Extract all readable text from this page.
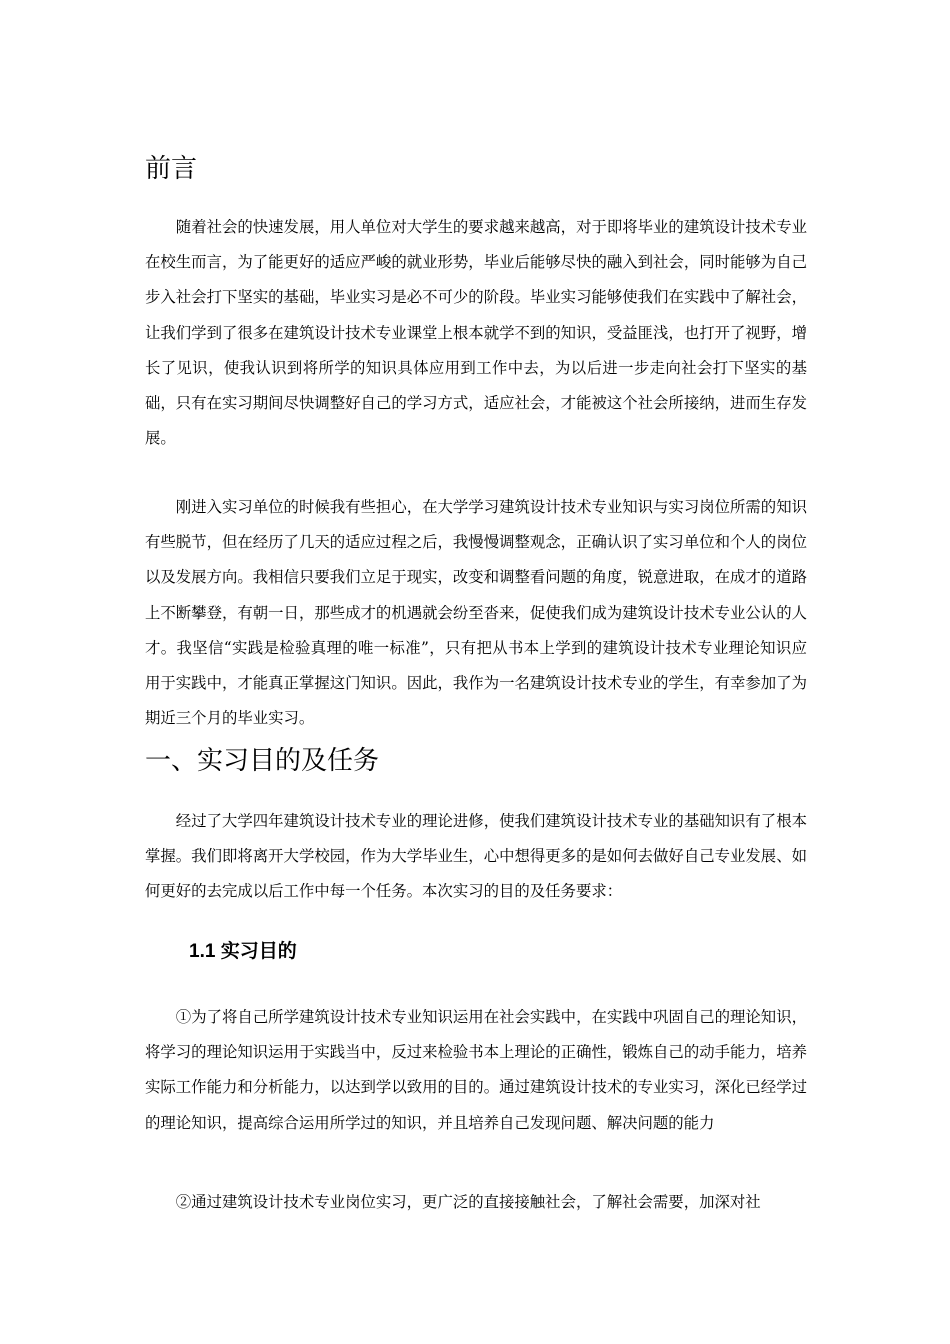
前言

随着社会的快速发展，用人单位对大学生的要求越来越高，对于即将毕业的建筑设计技术专业在校生而言，为了能更好的适应严峻的就业形势，毕业后能够尽快的融入到社会，同时能够为自己步入社会打下坚实的基础，毕业实习是必不可少的阶段。毕业实习能够使我们在实践中了解社会，让我们学到了很多在建筑设计技术专业课堂上根本就学不到的知识，受益匪浅，也打开了视野，增长了见识，使我认识到将所学的知识具体应用到工作中去，为以后进一步走向社会打下坚实的基础，只有在实习期间尽快调整好自己的学习方式，适应社会，才能被这个社会所接纳，进而生存发展。

刚进入实习单位的时候我有些担心，在大学学习建筑设计技术专业知识与实习岗位所需的知识有些脱节，但在经历了几天的适应过程之后，我慢慢调整观念，正确认识了实习单位和个人的岗位以及发展方向。我相信只要我们立足于现实，改变和调整看问题的角度，锐意进取，在成才的道路上不断攀登，有朝一日，那些成才的机遇就会纷至沓来，促使我们成为建筑设计技术专业公认的人才。我坚信“实践是检验真理的唯一标准”，只有把从书本上学到的建筑设计技术专业理论知识应用于实践中，才能真正掌握这门知识。因此，我作为一名建筑设计技术专业的学生，有幸参加了为期近三个月的毕业实习。

一、实习目的及任务

经过了大学四年建筑设计技术专业的理论进修，使我们建筑设计技术专业的基础知识有了根本掌握。我们即将离开大学校园，作为大学毕业生，心中想得更多的是如何去做好自己专业发展、如何更好的去完成以后工作中每一个任务。本次实习的目的及任务要求：

1.1 实习目的

①为了将自己所学建筑设计技术专业知识运用在社会实践中，在实践中巩固自己的理论知识，将学习的理论知识运用于实践当中，反过来检验书本上理论的正确性，锻炼自己的动手能力，培养实际工作能力和分析能力，以达到学以致用的目的。通过建筑设计技术的专业实习，深化已经学过的理论知识，提高综合运用所学过的知识，并且培养自己发现问题、解决问题的能力

②通过建筑设计技术专业岗位实习，更广泛的直接接触社会，了解社会需要，加深对社
